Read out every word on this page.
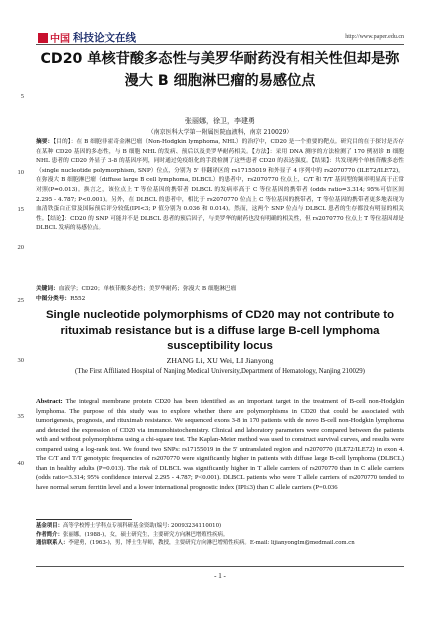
中国 科技论文在线	http://www.paper.edu.cn
5
10
15
20
25
30
35
40
CD20 单核苷酸多态性与美罗华耐药没有相关性但却是弥漫大 B 细胞淋巴瘤的易感位点
张丽娜，徐卫，李建勇
（南京医科大学第一附属医院血液科，南京 210029）
摘要：【目的】：在 B 细胞非霍奇金淋巴瘤（Non-Hodgkin lymphoma, NHL）的治疗中，CD20 是一个重要的靶点。研究目的在于探讨是否存在某种 CD20 基因的多态性，与 B 细胞 NHL 的发病、预后以及美罗华耐药相关。【方法】：采用 DNA 测序的方法检测了 170 例初诊 B 细胞 NHL 患者的 CD20 外显子 3-8 的基因序列，同时通过免疫组化的手段检测了这些患者 CD20 的表达强度。【结果】：共发现两个单核苷酸多态性（single nucleotide polymorphism, SNP）位点，分别为 5' 非翻译区的 rs17155019 和外显子 4 序列中的 rs2070770 (ILE72/ILE72)。在弥漫大 B 细胞淋巴瘤（diffuse large B cell lymphoma, DLBCL）的患者中，rs2070770 位点上，C/T 和 T/T 基因型的频率明显高于正常对照(P=0.013)。换言之，该位点上 T 等位基因的携带者 DLBCL 的发病率高于 C 等位基因的携带者 (odds ratio=3.314; 95%可信区间 2.295 - 4.787; P<0.001)。另外，在 DLBCL 的患者中，相比于 rs2070770 位点上 C 等位基因的携带者，T 等位基因的携带者更多地表现为血清铁蛋白正常及国际预后评分较低(IPI<3; P 值分别为 0.036 和 0.014)。然而，这两个 SNP 位点与 DLBCL 患者的生存都没有明显的相关性。【结论】：CD20 的 SNP 可能并不是 DLBCL 患者的预后因子，与美罗华的耐药也没有明确的相关性，但 rs2070770 位点上 T 等位基因却是 DLBCL 发病的易感位点。
关键词：血液学；CD20；单核苷酸多态性；美罗华耐药；弥漫大 B 细胞淋巴瘤
中图分类号：R552
Single nucleotide polymorphisms of CD20 may not contribute to rituximab resistance but is a diffuse large B-cell lymphoma susceptibility locus
ZHANG Li, XU Wei, LI Jianyong
(The First Affiliated Hospital of Nanjing Medical University,Department of Hematology, Nanjing 210029)
Abstract: The integral membrane protein CD20 has been identified as an important target in the treatment of B-cell non-Hodgkin lymphoma. The purpose of this study was to explore whether there are polymorphisms in CD20 that could be associated with tumorigenesis, prognosis, and rituximab resistance. We sequenced exons 3-8 in 170 patients with de novo B-cell non-Hodgkin lymphoma and detected the expression of CD20 via immunohistochemistry. Clinical and laboratory parameters were compared between the patients with and without polymorphisms using a chi-square test. The Kaplan-Meier method was used to construct survival curves, and results were compared using a log-rank test. We found two SNPs: rs17155019 in the 5' untranslated region and rs2070770 (ILE72/ILE72) in exon 4. The C/T and T/T genotypic frequencies of rs2070770 were significantly higher in patients with diffuse large B-cell lymphoma (DLBCL) than in healthy adults (P=0.013). The risk of DLBCL was significantly higher in T allele carriers of rs2070770 than in C allele carriers (odds ratio=3.314; 95% confidence interval 2.295 - 4.787; P<0.001). DLBCL patients who were T allele carriers of rs2070770 tended to have normal serum ferritin level and a lower international prognostic index (IPI≤3) than C allele carriers (P=0.036
基金项目：高等学校博士学科点专项科研基金资助(编号: 20093234110010)
作者简介：张丽娜，(1988-)，女，硕士研究生，主要研究方向淋巴增殖性疾病。
通信联系人：李建勇，(1963-)，男，博士生导师，教授，主要研究方向淋巴增殖性疾病。E-mail: lijianyonglm@medmail.com.cn
- 1 -
